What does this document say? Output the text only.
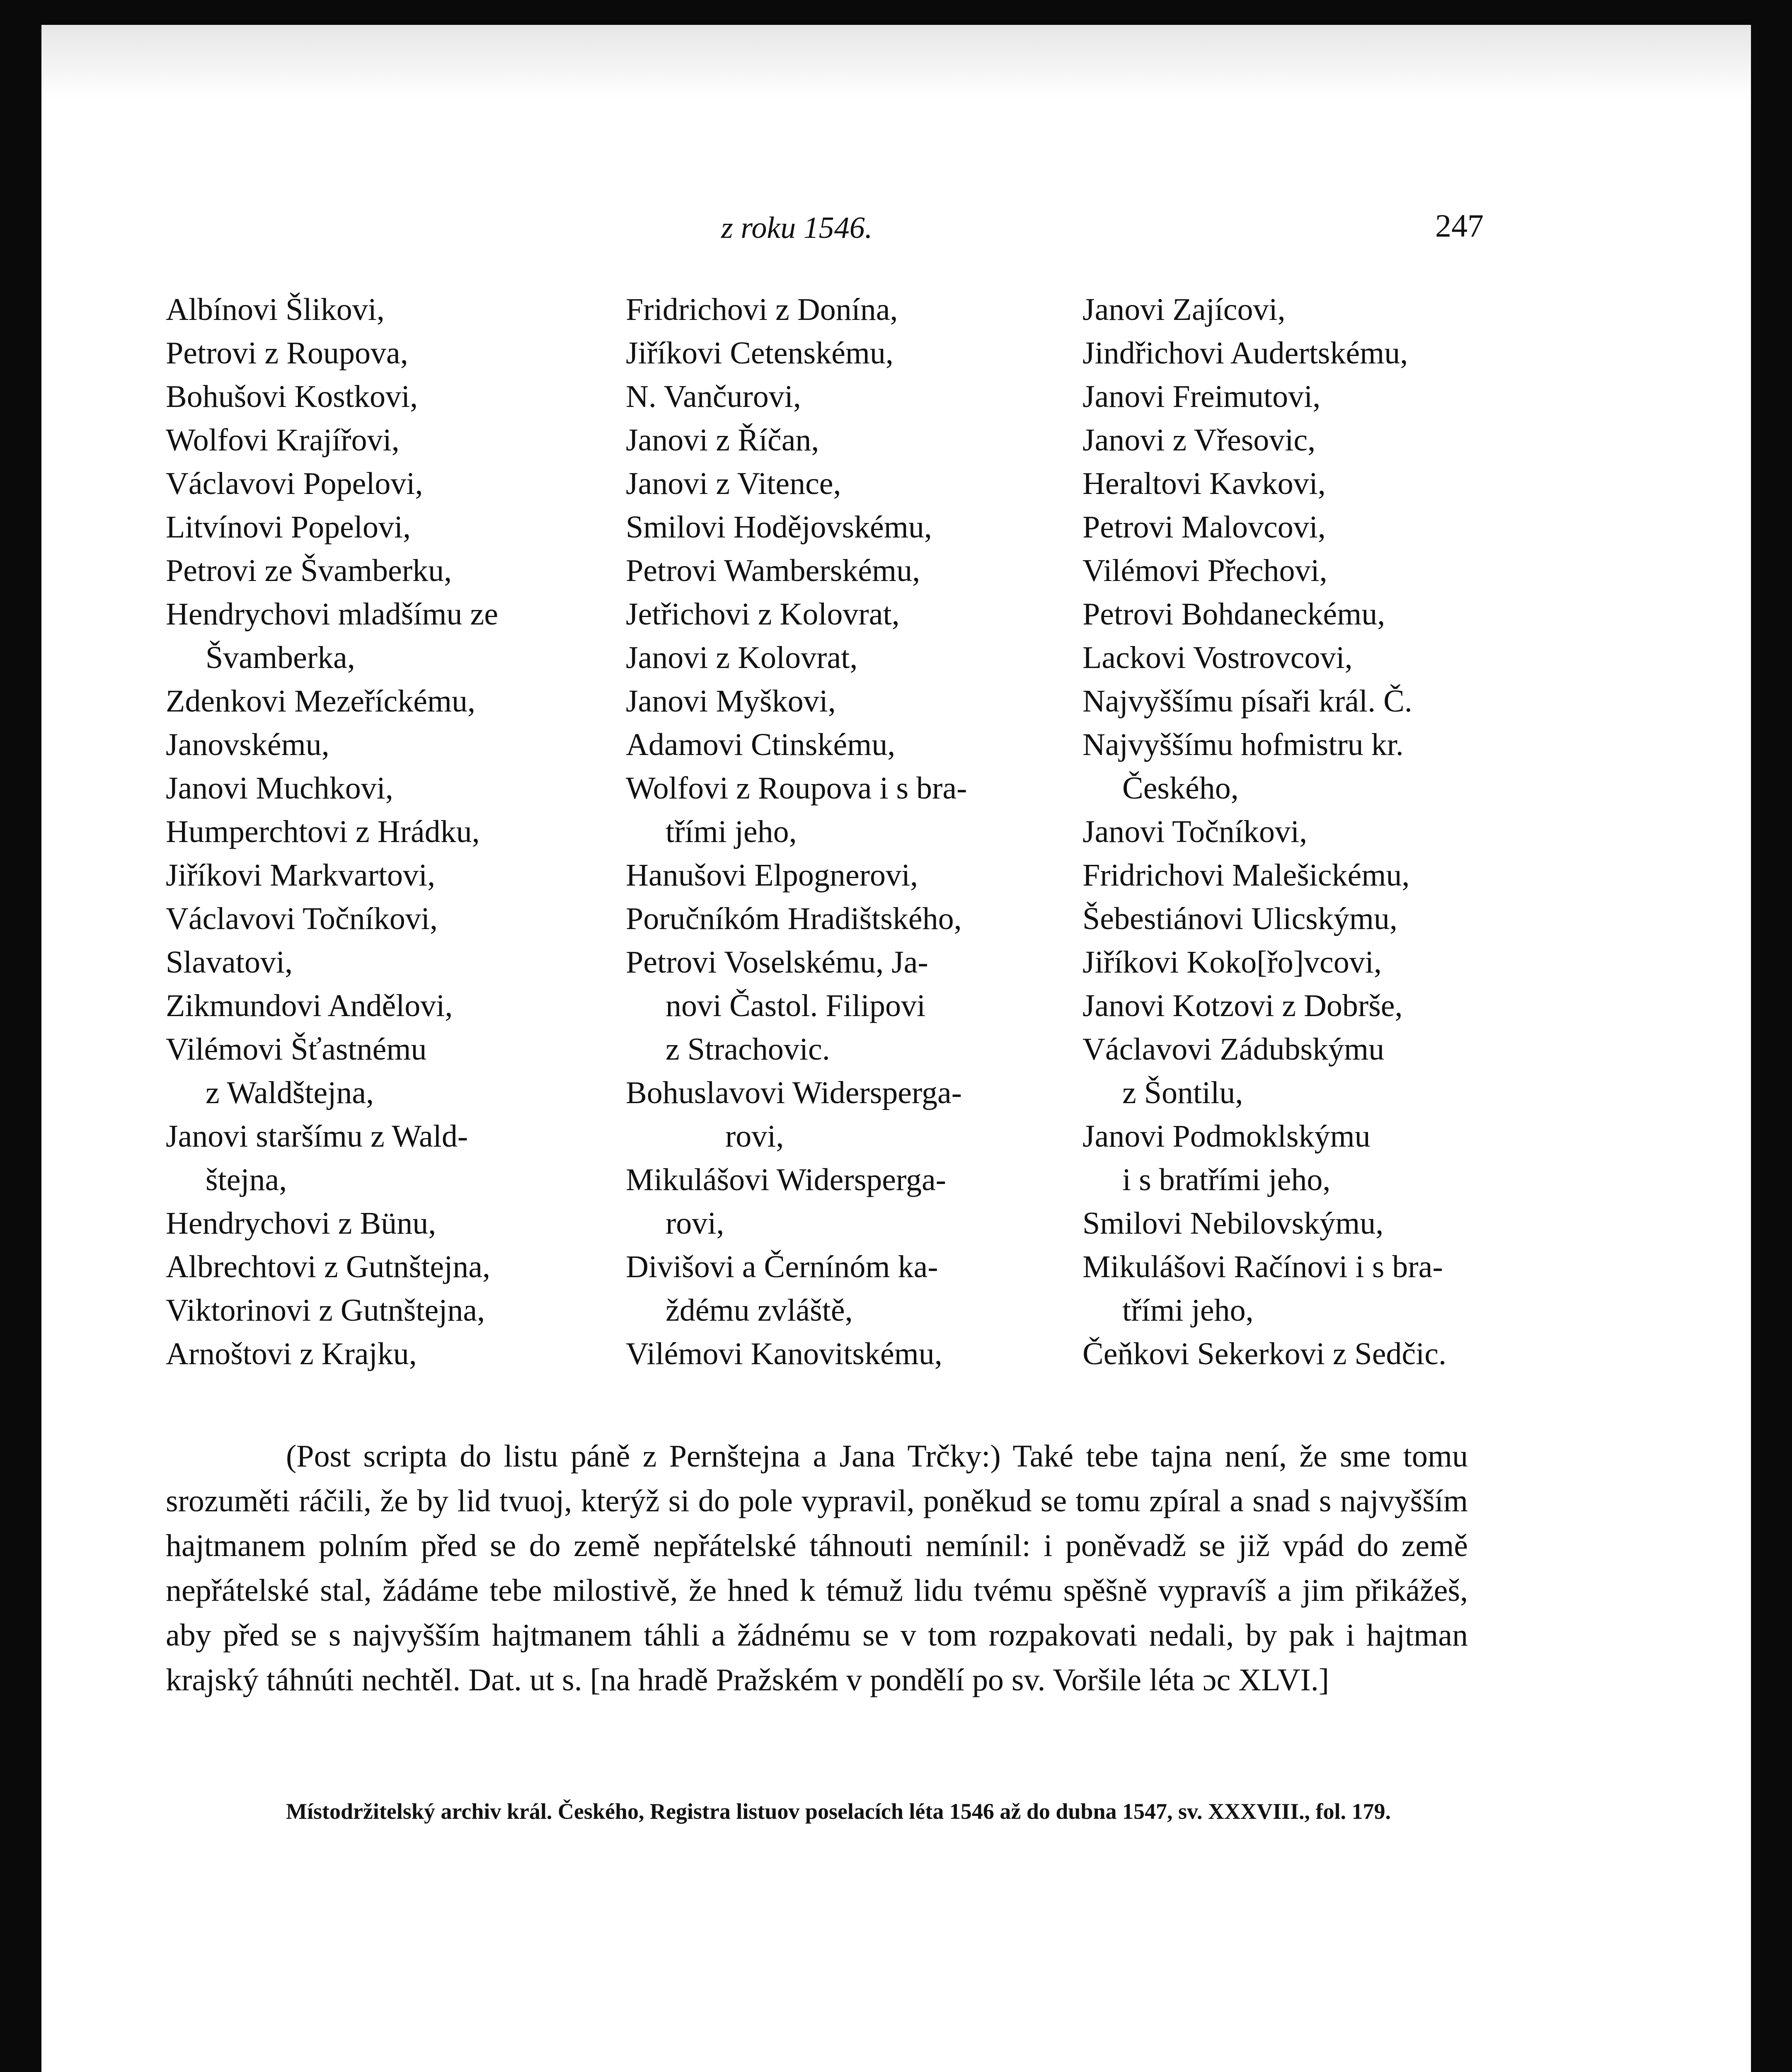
z roku 1546.	247
Albínovi Šlikovi,
Petrovi z Roupova,
Bohušovi Kostkovi,
Wolfovi Krajířovi,
Václavovi Popelovi,
Litvínovi Popelovi,
Petrovi ze Švamberku,
Hendrychovi mladšímu ze
Švamberka,
Zdenkovi Mezeříckému,
Janovskému,
Janovi Muchkovi,
Humperchtovi z Hrádku,
Jiříkovi Markvartovi,
Václavovi Točníkovi,
Slavatovi,
Zikmundovi Andělovi,
Vilémovi Šťastnému
z Waldštejna,
Janovi staršímu z Wald-
štejna,
Hendrychovi z Bünu,
Albrechtovi z Gutnštejna,
Viktorinovi z Gutnštejna,
Arnoštovi z Krajku,
Fridrichovi z Donína,
Jiříkovi Cetenskému,
N. Vančurovi,
Janovi z Říčan,
Janovi z Vitence,
Smilovi Hodějovskému,
Petrovi Wamberskému,
Jetřichovi z Kolovrat,
Janovi z Kolovrat,
Janovi Myškovi,
Adamovi Ctinskému,
Wolfovi z Roupova i s bra-
třími jeho,
Hanušovi Elpognerovi,
Poručníkóm Hradištského,
Petrovi Voselskému, Ja-
novi Častol. Filipovi
z Strachovic.
Bohuslavovi Widersperga-
rovi,
Mikulášovi Widersperga-
rovi,
Divišovi a Černínóm ka-
ždému zvláště,
Vilémovi Kanovitskému,
Janovi Zajícovi,
Jindřichovi Audertskému,
Janovi Freimutovi,
Janovi z Vřesovic,
Heraltovi Kavkovi,
Petrovi Malovcovi,
Vilémovi Přechovi,
Petrovi Bohdaneckému,
Lackovi Vostrovcovi,
Najvyššímu písaři král. Č.
Najvyššímu hofmistru kr.
Českého,
Janovi Točníkovi,
Fridrichovi Malešickému,
Šebestiánovi Ulicskýmu,
Jiříkovi Koko[řo]vcovi,
Janovi Kotzovi z Dobrše,
Václavovi Zádubskýmu
z Šontilu,
Janovi Podmoklskýmu
i s bratřími jeho,
Smilovi Nebilovskýmu,
Mikulášovi Račínovi i s bra-
třími jeho,
Čeňkovi Sekerkovi z Sedčic.

(Post scripta do listu páně z Pernštejna a Jana Trčky:) Také tebe tajna není, že sme tomu srozuměti ráčili, že by lid tvuoj, kterýž si do pole vypravil, poněkud se tomu zpíral a snad s najvyšším hajtmanem polním před se do země nepřátelské táhnouti nemínil: i poněvadž se již vpád do země nepřátelské stal, žádáme tebe milostivě, že hned k témuž lidu tvému spěšně vypravíš a jim přikážeš, aby před se s najvyšším hajtmanem táhli a žádnému se v tom rozpakovati nedali, by pak i hajtman krajský táhnúti nechtěl. Dat. ut s. [na hradě Pražském v pondělí po sv. Voršile léta ɔc XLVI.]

Místodržitelský archiv král. Českého, Registra listuov poselacích léta 1546 až do dubna 1547, sv. XXXVIII., fol. 179.
